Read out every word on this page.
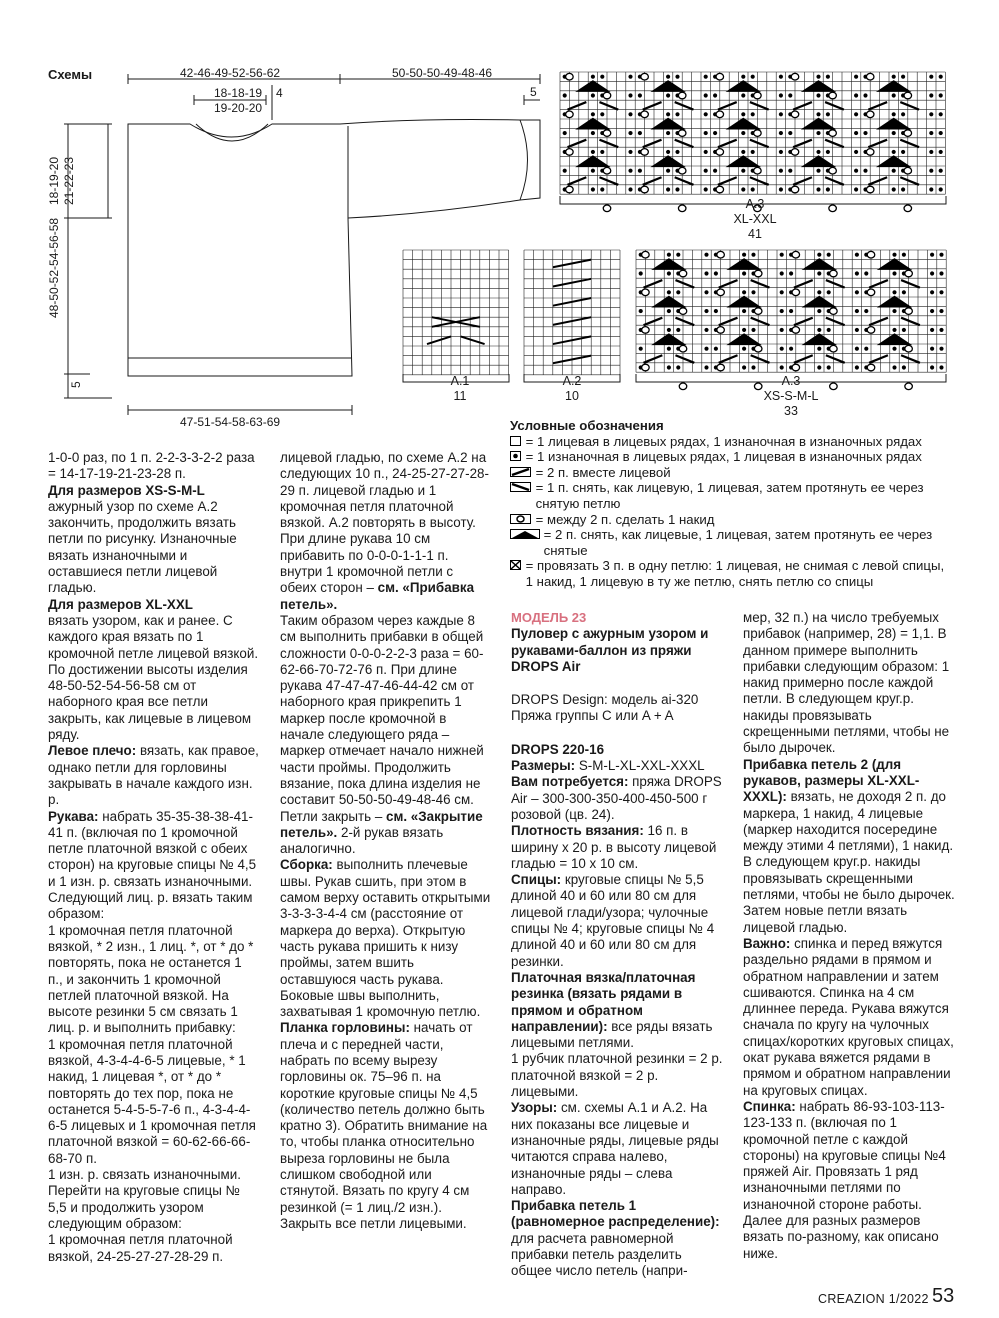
Схемы	42-46-49-52-56-62	50-50-50-49-48-46
18-18-19 4
19-20-20
5
18-19-20 21-22-23
48-50-52-54-56-58
5
47-51-54-58-63-69
A.3
XL-XXL
41
A.1
11
A.2
10
A.3
XS-S-M-L
33
Условные обозначения
= 1 лицевая в лицевых рядах, 1 изнаночная в изнаночных рядах
= 1 изнаночная в лицевых рядах, 1 лицевая в изнаночных рядах
= 2 п. вместе лицевой
= 1 п. снять, как лицевую, 1 лицевая, затем протянуть ее через снятую петлю
= между 2 п. сделать 1 накид
= 2 п. снять, как лицевые, 1 лицевая, затем протянуть ее через снятые
= провязать 3 п. в одну петлю: 1 лицевая, не снимая с левой спицы, 1 накид, 1 лицевую в ту же петлю, снять петлю со спицы

1-0-0 раз, по 1 п. 2-2-3-3-2-2 раза = 14-17-19-21-23-28 п.

Для размеров XS-S-M-L

ажурный узор по схеме А.2 закончить, продолжить вязать петли по рисунку. Изнаночные вязать изнаночными и оставшиеся петли лицевой гладью.

Для размеров XL-XXL

вязать узором, как и ранее. С каждого края вязать по 1 кромочной петле лицевой вязкой.

По достижении высоты изделия 48-50-52-54-56-58 см от наборного края все петли закрыть, как лицевые в лицевом ряду.

Левое плечо: вязать, как правое, однако петли для горловины закрывать в начале каждого изн. р.

Рукава: набрать 35-35-38-38-41-41 п. (включая по 1 кромочной петле платочной вязкой с обеих сторон) на круговые спицы № 4,5 и 1 изн. р. связать изнаночными. Следующий лиц. р. вязать таким образом:

1 кромочная петля платочной вязкой, * 2 изн., 1 лиц. *, от * до * повторять, пока не останется 1 п., и закончить 1 кромочной петлей платочной вязкой. На высоте резинки 5 см связать 1 лиц. р. и выполнить прибавку:

1 кромочная петля платочной вязкой, 4-3-4-4-6-5 лицевые, * 1 накид, 1 лицевая *, от * до * повторять до тех пор, пока не останется 5-4-5-5-7-6 п., 4-3-4-4-6-5 лицевых и 1 кромочная петля платочной вязкой = 60-62-66-66-68-70 п.

1 изн. р. связать изнаночными. Перейти на круговые спицы № 5,5 и продолжить узором следующим образом:

1 кромочная петля платочной вязкой, 24-25-27-27-28-29 п.

лицевой гладью, по схеме А.2 на следующих 10 п., 24-25-27-27-28-29 п. лицевой гладью и 1 кромочная петля платочной вязкой. А.2 повторять в высоту.

При длине рукава 10 см прибавить по 0-0-0-1-1-1 п. внутри 1 кромочной петли с обеих сторон – см. «Прибавка петель».

Таким образом через каждые 8 см выполнить прибавки в общей сложности 0-0-0-2-2-3 раза = 60-62-66-70-72-76 п. При длине рукава 47-47-47-46-44-42 см от наборного края прикрепить 1 маркер после кромочной в начале следующего ряда – маркер отмечает начало нижней части проймы. Продолжить вязание, пока длина изделия не составит 50-50-50-49-48-46 см.

Петли закрыть – см. «Закрытие петель». 2-й рукав вязать аналогично.

Сборка: выполнить плечевые швы. Рукав сшить, при этом в самом верху оставить открытыми 3-3-3-3-4-4 см (расстояние от маркера до верха). Открытую часть рукава пришить к низу проймы, затем вшить оставшуюся часть рукава. Боковые швы выполнить, захватывая 1 кромочную петлю.

Планка горловины: начать от плеча и с передней части, набрать по всему вырезу горловины ок. 75–96 п. на короткие круговые спицы № 4,5 (количество петель должно быть кратно 3). Обратить внимание на то, чтобы планка относительно выреза горловины не была слишком свободной или стянутой. Вязать по кругу 4 см резинкой (= 1 лиц./2 изн.). Закрыть все петли лицевыми.

МОДЕЛЬ 23

Пуловер с ажурным узором и рукавами-баллон из пряжи DROPS Air

DROPS Design: модель ai-320 Пряжа группы C или A + A

DROPS 220-16

Размеры: S-M-L-XL-XXL-XXXL

Вам потребуется: пряжа DROPS Air – 300-300-350-400-450-500 г розовой (цв. 24).

Плотность вязания: 16 п. в ширину х 20 р. в высоту лицевой гладью = 10 х 10 см.

Спицы: круговые спицы № 5,5 длиной 40 и 60 или 80 см для лицевой глади/узора; чулочные спицы № 4; круговые спицы № 4 длиной 40 и 60 или 80 см для резинки.

Платочная вязка/платочная резинка (вязать рядами в прямом и обратном направлении): все ряды вязать лицевыми петлями.

1 рубчик платочной резинки = 2 р. платочной вязкой = 2 р. лицевыми.

Узоры: см. схемы А.1 и А.2. На них показаны все лицевые и изнаночные ряды, лицевые ряды читаются справа налево, изнаночные ряды – слева направо.

Прибавка петель 1 (равномерное распределение): для расчета равномерной прибавки петель разделить общее число петель (напри-

мер, 32 п.) на число требуемых прибавок (например, 28) = 1,1. В данном примере выполнить прибавки следующим образом: 1 накид примерно после каждой петли. В следующем круг.р. накиды провязывать скрещенными петлями, чтобы не было дырочек.

Прибавка петель 2 (для рукавов, размеры XL-XXL-XXXL): вязать, не доходя 2 п. до маркера, 1 накид, 4 лицевые (маркер находится посередине между этими 4 петлями), 1 накид. В следующем круг.р. накиды провязывать скрещенными петлями, чтобы не было дырочек. Затем новые петли вязать лицевой гладью.

Важно: спинка и перед вяжутся раздельно рядами в прямом и обратном направлении и затем сшиваются. Спинка на 4 см длиннее переда. Рукава вяжутся сначала по кругу на чулочных спицах/коротких круговых спицах, окат рукава вяжется рядами в прямом и обратном направлении на круговых спицах.

Спинка: набрать 86-93-103-113-123-133 п. (включая по 1 кромочной петле с каждой стороны) на круговые спицы №4 пряжей Air. Провязать 1 ряд изнаночными петлями по изнаночной стороне работы. Далее для разных размеров вязать по-разному, как описано ниже.

CREAZION 1/2022 53
